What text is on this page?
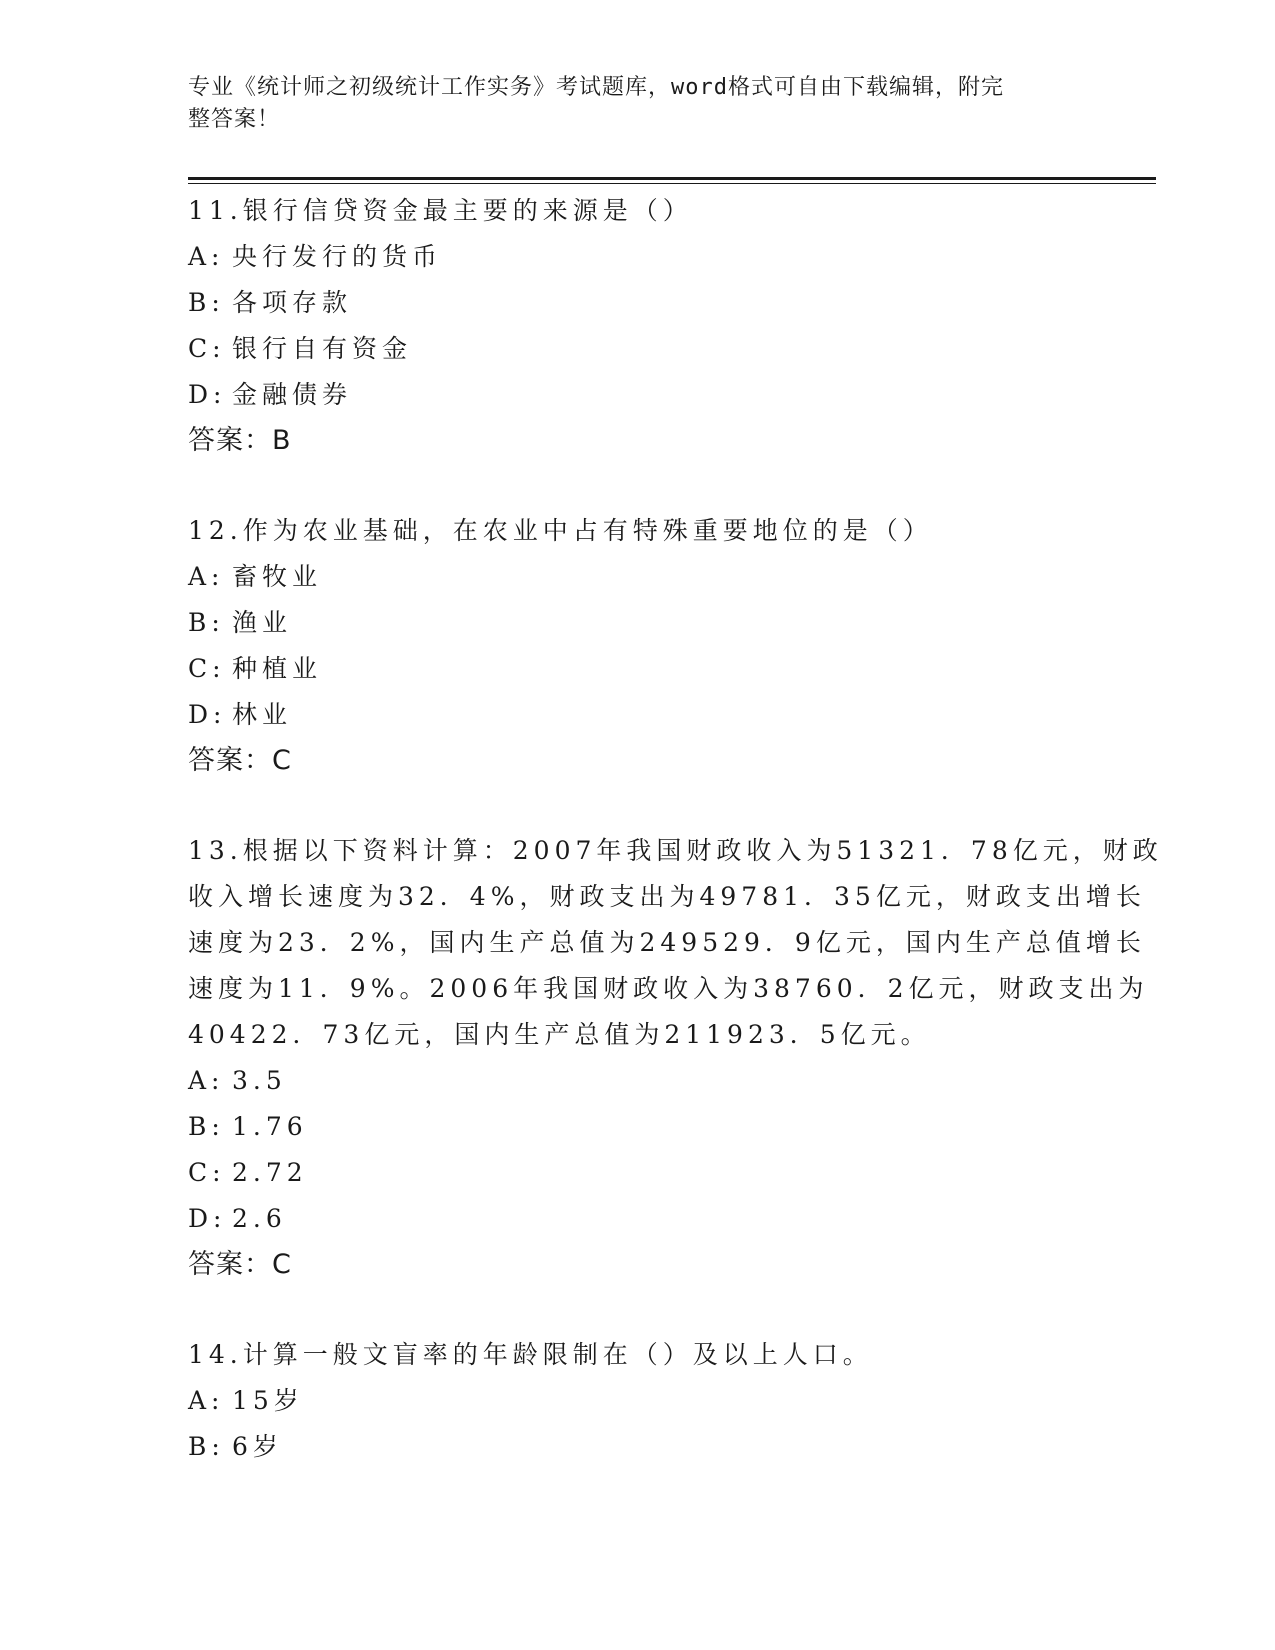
专业《统计师之初级统计工作实务》考试题库，word格式可自由下载编辑，附完
整答案！
11.银行信贷资金最主要的来源是（）
A: 央行发行的货币
B: 各项存款
C: 银行自有资金
D: 金融债券
答案：B
12.作为农业基础，在农业中占有特殊重要地位的是（）
A: 畜牧业
B: 渔业
C: 种植业
D: 林业
答案：C
13.根据以下资料计算：2007年我国财政收入为51321．78亿元，财政
收入增长速度为32．4%，财政支出为49781．35亿元，财政支出增长
速度为23．2%，国内生产总值为249529．9亿元，国内生产总值增长
速度为11．9%。2006年我国财政收入为38760．2亿元，财政支出为
40422．73亿元，国内生产总值为211923．5亿元。
A: 3.5
B: 1.76
C: 2.72
D: 2.6
答案：C
14.计算一般文盲率的年龄限制在（）及以上人口。
A: 15岁
B: 6岁
